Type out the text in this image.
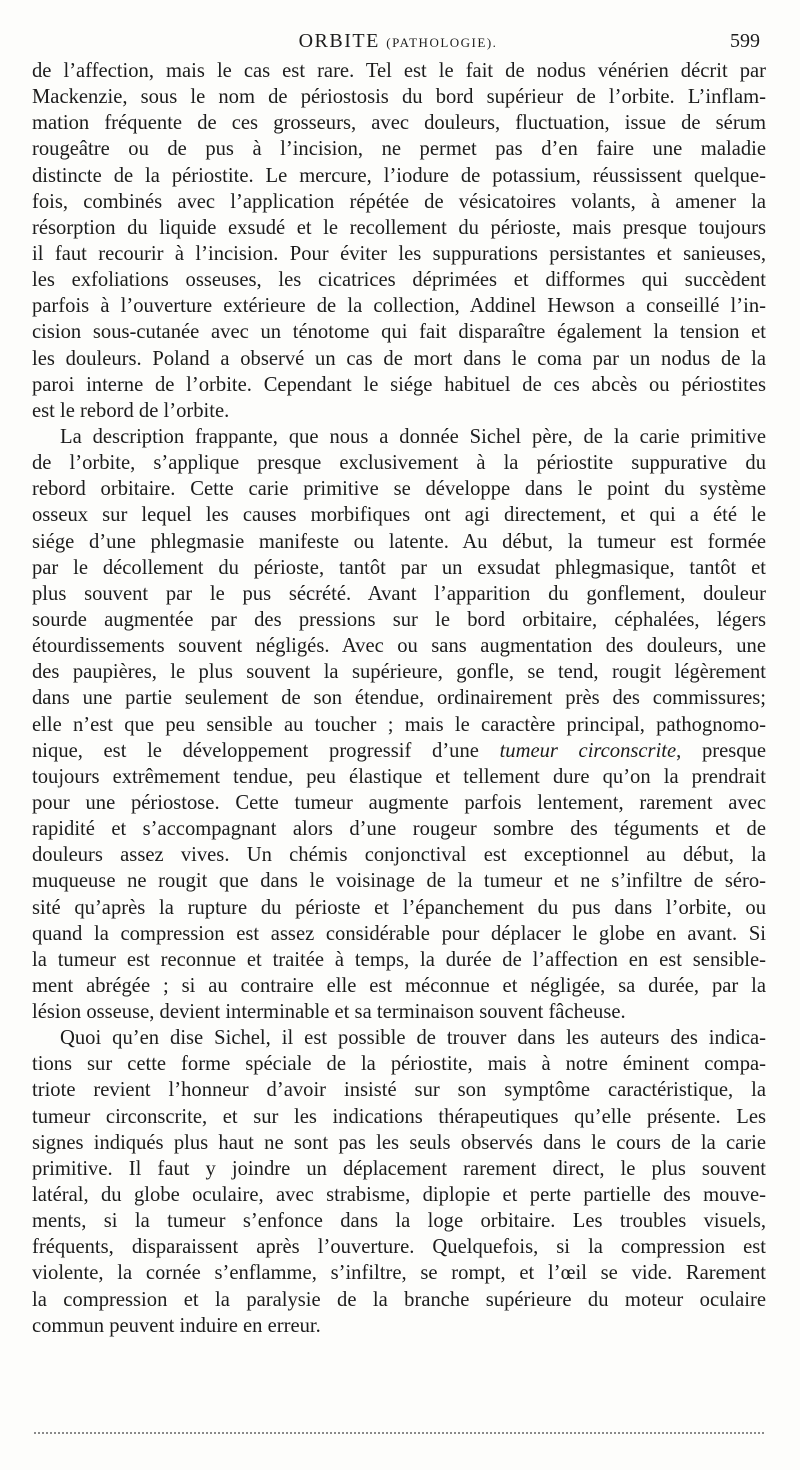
ORBITE (PATHOLOGIE).	599
de l’affection, mais le cas est rare. Tel est le fait de nodus vénérien décrit par
Mackenzie, sous le nom de périostosis du bord supérieur de l’orbite. L’inflam-
mation fréquente de ces grosseurs, avec douleurs, fluctuation, issue de sérum
rougeâtre ou de pus à l’incision, ne permet pas d’en faire une maladie
distincte de la périostite. Le mercure, l’iodure de potassium, réussissent quelque-
fois, combinés avec l’application répétée de vésicatoires volants, à amener la
résorption du liquide exsudé et le recollement du périoste, mais presque toujours
il faut recourir à l’incision. Pour éviter les suppurations persistantes et sanieuses,
les exfoliations osseuses, les cicatrices déprimées et difformes qui succèdent
parfois à l’ouverture extérieure de la collection, Addinel Hewson a conseillé l’in-
cision sous-cutanée avec un ténotome qui fait disparaître également la tension et
les douleurs. Poland a observé un cas de mort dans le coma par un nodus de la
paroi interne de l’orbite. Cependant le siége habituel de ces abcès ou périostites
est le rebord de l’orbite.
La description frappante, que nous a donnée Sichel père, de la carie primitive
de l’orbite, s’applique presque exclusivement à la périostite suppurative du
rebord orbitaire. Cette carie primitive se développe dans le point du système
osseux sur lequel les causes morbifiques ont agi directement, et qui a été le
siége d’une phlegmasie manifeste ou latente. Au début, la tumeur est formée
par le décollement du périoste, tantôt par un exsudat phlegmasique, tantôt et
plus souvent par le pus sécrété. Avant l’apparition du gonflement, douleur
sourde augmentée par des pressions sur le bord orbitaire, céphalées, légers
étourdissements souvent négligés. Avec ou sans augmentation des douleurs, une
des paupières, le plus souvent la supérieure, gonfle, se tend, rougit légèrement
dans une partie seulement de son étendue, ordinairement près des commissures;
elle n’est que peu sensible au toucher ; mais le caractère principal, pathognomo-
nique, est le développement progressif d’une tumeur circonscrite, presque
toujours extrêmement tendue, peu élastique et tellement dure qu’on la prendrait
pour une périostose. Cette tumeur augmente parfois lentement, rarement avec
rapidité et s’accompagnant alors d’une rougeur sombre des téguments et de
douleurs assez vives. Un chémis conjonctival est exceptionnel au début, la
muqueuse ne rougit que dans le voisinage de la tumeur et ne s’infiltre de séro-
sité qu’après la rupture du périoste et l’épanchement du pus dans l’orbite, ou
quand la compression est assez considérable pour déplacer le globe en avant. Si
la tumeur est reconnue et traitée à temps, la durée de l’affection en est sensible-
ment abrégée ; si au contraire elle est méconnue et négligée, sa durée, par la
lésion osseuse, devient interminable et sa terminaison souvent fâcheuse.
Quoi qu’en dise Sichel, il est possible de trouver dans les auteurs des indica-
tions sur cette forme spéciale de la périostite, mais à notre éminent compa-
triote revient l’honneur d’avoir insisté sur son symptôme caractéristique, la
tumeur circonscrite, et sur les indications thérapeutiques qu’elle présente. Les
signes indiqués plus haut ne sont pas les seuls observés dans le cours de la carie
primitive. Il faut y joindre un déplacement rarement direct, le plus souvent
latéral, du globe oculaire, avec strabisme, diplopie et perte partielle des mouve-
ments, si la tumeur s’enfonce dans la loge orbitaire. Les troubles visuels,
fréquents, disparaissent après l’ouverture. Quelquefois, si la compression est
violente, la cornée s’enflamme, s’infiltre, se rompt, et l’œil se vide. Rarement
la compression et la paralysie de la branche supérieure du moteur oculaire
commun peuvent induire en erreur.
